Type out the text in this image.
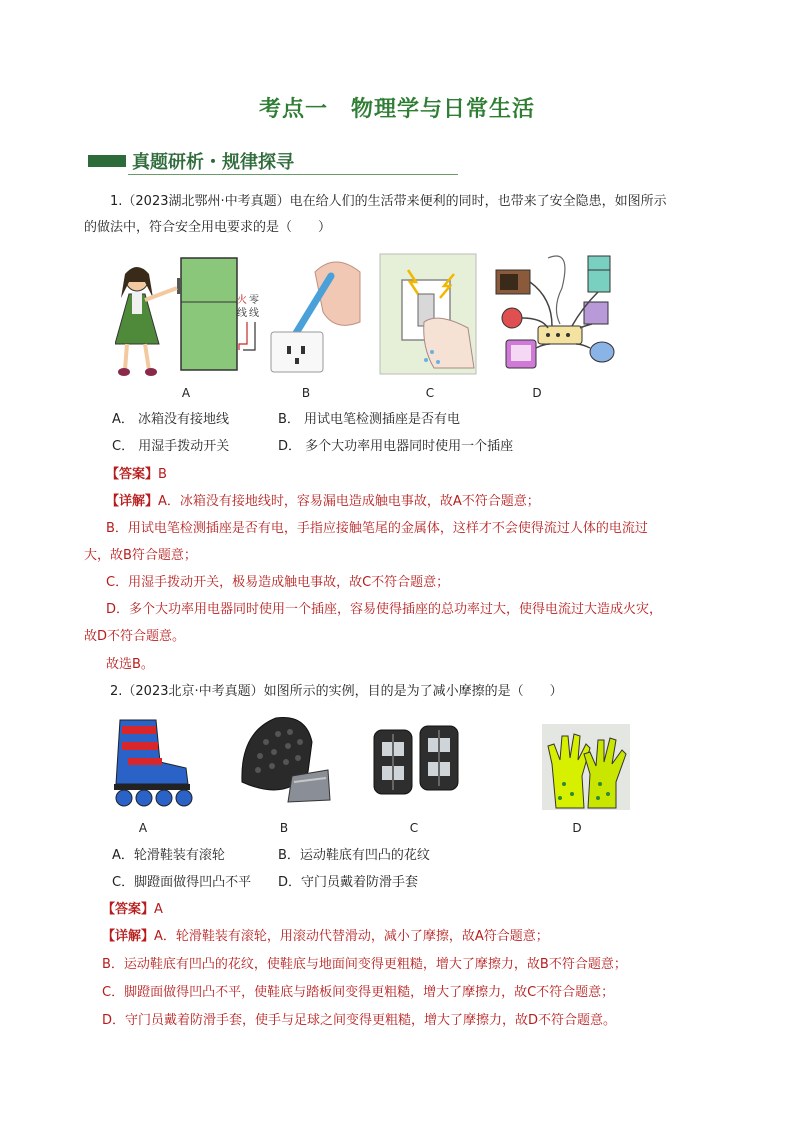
考点一　物理学与日常生活
真题研析・规律探寻
1.（2023湖北鄂州·中考真题）电在给人们的生活带来便利的同时，也带来了安全隐患，如图所示
的做法中，符合安全用电要求的是（　　）
火 零
线 线
A	B	C	D
A． 冰箱没有接地线	B． 用试电笔检测插座是否有电
C． 用湿手拨动开关	D． 多个大功率用电器同时使用一个插座
【答案】B
【详解】A．冰箱没有接地线时，容易漏电造成触电事故，故A不符合题意；
B．用试电笔检测插座是否有电，手指应接触笔尾的金属体，这样才不会使得流过人体的电流过
大，故B符合题意；
C．用湿手拨动开关，极易造成触电事故，故C不符合题意；
D．多个大功率用电器同时使用一个插座，容易使得插座的总功率过大，使得电流过大造成火灾，
故D不符合题意。
故选B。
2.（2023北京·中考真题）如图所示的实例，目的是为了减小摩擦的是（　　）
A	B	C	D
A．轮滑鞋装有滚轮	B．运动鞋底有凹凸的花纹
C．脚蹬面做得凹凸不平 D．守门员戴着防滑手套
【答案】A
【详解】A．轮滑鞋装有滚轮，用滚动代替滑动，减小了摩擦，故A符合题意；
B．运动鞋底有凹凸的花纹，使鞋底与地面间变得更粗糙，增大了摩擦力，故B不符合题意；
C．脚蹬面做得凹凸不平，使鞋底与踏板间变得更粗糙，增大了摩擦力，故C不符合题意；
D．守门员戴着防滑手套，使手与足球之间变得更粗糙，增大了摩擦力，故D不符合题意。
